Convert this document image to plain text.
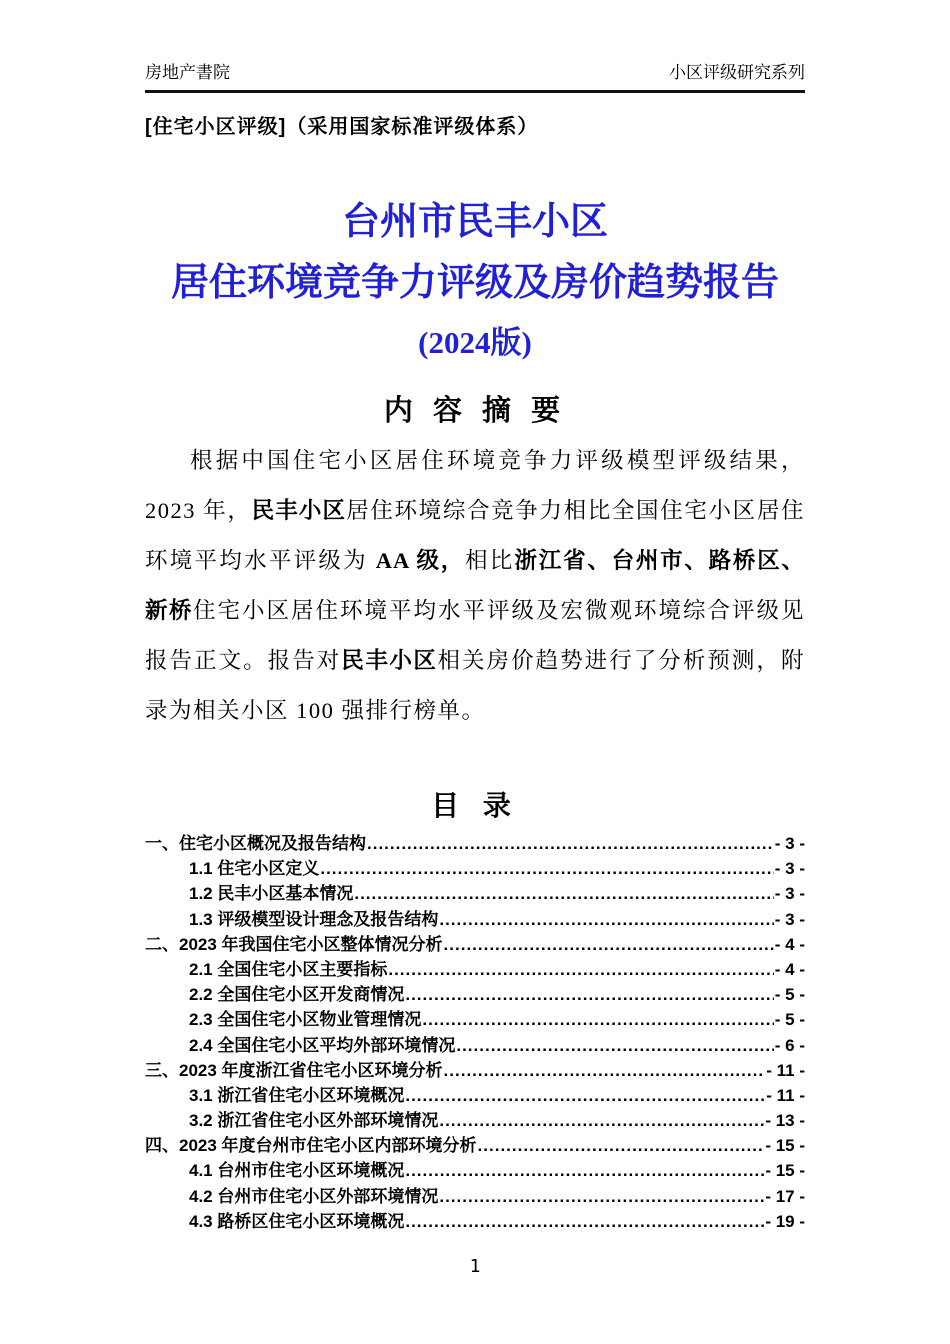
房地产書院	小区评级研究系列
[住宅小区评级]（采用国家标准评级体系）
台州市民丰小区
居住环境竞争力评级及房价趋势报告
(2024版)
内 容 摘 要

根据中国住宅小区居住环境竞争力评级模型评级结果，2023 年，民丰小区居住环境综合竞争力相比全国住宅小区居住环境平均水平评级为 AA 级，相比浙江省、台州市、路桥区、新桥住宅小区居住环境平均水平评级及宏微观环境综合评级见报告正文。报告对民丰小区相关房价趋势进行了分析预测，附录为相关小区 100 强排行榜单。

目 录
一、住宅小区概况及报告结构 .....	- 3 -
1.1 住宅小区定义 .....	- 3 -
1.2 民丰小区基本情况 .....	- 3 -
1.3 评级模型设计理念及报告结构 .....	- 3 -
二、2023 年我国住宅小区整体情况分析 .....	- 4 -
2.1 全国住宅小区主要指标 .....	- 4 -
2.2 全国住宅小区开发商情况 .....	- 5 -
2.3 全国住宅小区物业管理情况 .....	- 5 -
2.4 全国住宅小区平均外部环境情况 .....	- 6 -
三、2023 年度浙江省住宅小区环境分析 .....	- 11 -
3.1 浙江省住宅小区环境概况 .....	- 11 -
3.2 浙江省住宅小区外部环境情况 .....	- 13 -
四、2023 年度台州市住宅小区内部环境分析 .....	- 15 -
4.1 台州市住宅小区环境概况 .....	- 15 -
4.2 台州市住宅小区外部环境情况 .....	- 17 -
4.3 路桥区住宅小区环境概况 .....	- 19 -
1
